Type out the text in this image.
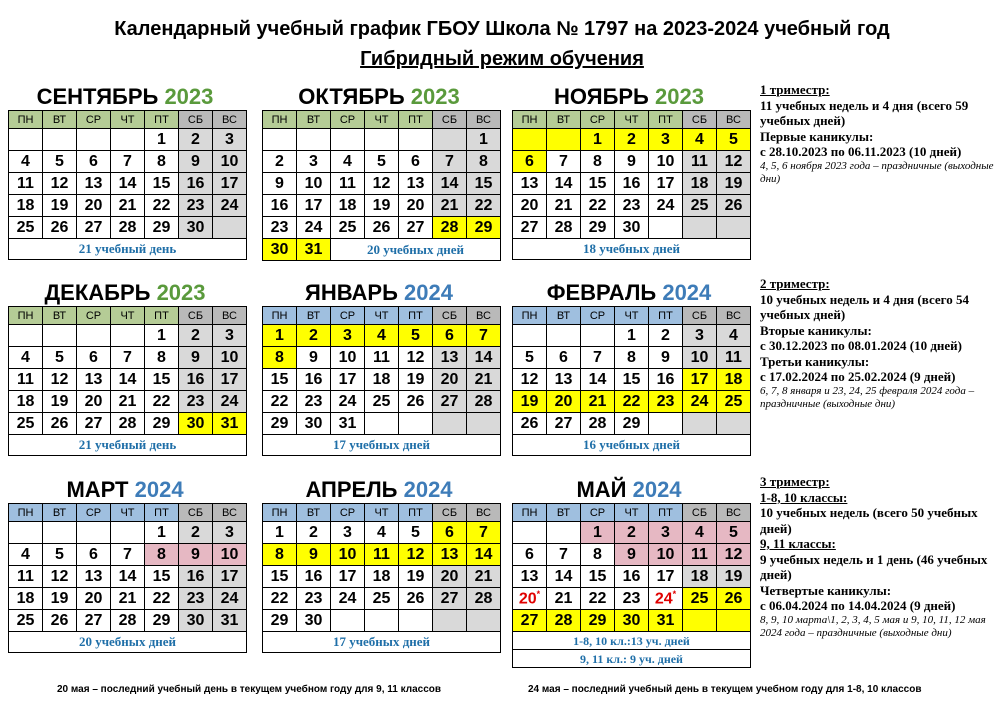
Календарный учебный график ГБОУ Школа № 1797 на 2023-2024 учебный год
Гибридный режим обучения
СЕНТЯБРЬ 2023
ПН	ВТ	СР	ЧТ	ПТ	СБ	ВС
				1	2	3
4	5	6	7	8	9	10
11	12	13	14	15	16	17
18	19	20	21	22	23	24
25	26	27	28	29	30	
21 учебный день						
ОКТЯБРЬ 2023
ПН	ВТ	СР	ЧТ	ПТ	СБ	ВС
						1
2	3	4	5	6	7	8
9	10	11	12	13	14	15
16	17	18	19	20	21	22
23	24	25	26	27	28	29
30	31	20 учебных дней				
НОЯБРЬ 2023
ПН	ВТ	СР	ЧТ	ПТ	СБ	ВС
		1	2	3	4	5
6	7	8	9	10	11	12
13	14	15	16	17	18	19
20	21	22	23	24	25	26
27	28	29	30			
18 учебных дней						
ДЕКАБРЬ 2023
ПН	ВТ	СР	ЧТ	ПТ	СБ	ВС
				1	2	3
4	5	6	7	8	9	10
11	12	13	14	15	16	17
18	19	20	21	22	23	24
25	26	27	28	29	30	31
21 учебный день						
ЯНВАРЬ 2024
ПН	ВТ	СР	ЧТ	ПТ	СБ	ВС
1	2	3	4	5	6	7
8	9	10	11	12	13	14
15	16	17	18	19	20	21
22	23	24	25	26	27	28
29	30	31				
17 учебных дней						
ФЕВРАЛЬ 2024
ПН	ВТ	СР	ЧТ	ПТ	СБ	ВС
			1	2	3	4
5	6	7	8	9	10	11
12	13	14	15	16	17	18
19	20	21	22	23	24	25
26	27	28	29			
16 учебных дней						
МАРТ 2024
ПН	ВТ	СР	ЧТ	ПТ	СБ	ВС
				1	2	3
4	5	6	7	8	9	10
11	12	13	14	15	16	17
18	19	20	21	22	23	24
25	26	27	28	29	30	31
20 учебных дней						
АПРЕЛЬ 2024
ПН	ВТ	СР	ЧТ	ПТ	СБ	ВС
1	2	3	4	5	6	7
8	9	10	11	12	13	14
15	16	17	18	19	20	21
22	23	24	25	26	27	28
29	30					
17 учебных дней						
МАЙ 2024
ПН	ВТ	СР	ЧТ	ПТ	СБ	ВС
		1	2	3	4	5
6	7	8	9	10	11	12
13	14	15	16	17	18	19
20*	21	22	23	24*	25	26
27	28	29	30	31		
1-8, 10 кл.:13 уч. дней						
9, 11 кл.: 9 уч. дней						
1 триместр:
11 учебных недель и 4 дня (всего 59 учебных дней)
Первые каникулы:
с 28.10.2023 по 06.11.2023 (10 дней)
4, 5, 6 ноября 2023 года – праздничные (выходные дни)
2 триместр:
10 учебных недель и 4 дня (всего 54 учебных дней)
Вторые каникулы:
с 30.12.2023 по 08.01.2024 (10 дней)
Третьи каникулы:
с 17.02.2024 по 25.02.2024 (9 дней)
6, 7, 8 января и 23, 24, 25 февраля 2024 года – праздничные (выходные дни)
3 триместр:
1-8, 10 классы:
10 учебных недель (всего 50 учебных дней)
9, 11 классы:
9 учебных недель и 1 день (46 учебных дней)
Четвертые каникулы:
с 06.04.2024 по 14.04.2024 (9 дней)
8, 9, 10 марта\1, 2, 3, 4, 5 мая и 9, 10, 11, 12 мая 2024 года – праздничные (выходные дни)
20 мая – последний учебный день в текущем учебном году для 9, 11 классов	24 мая – последний учебный день в текущем учебном году для 1-8, 10 классов
